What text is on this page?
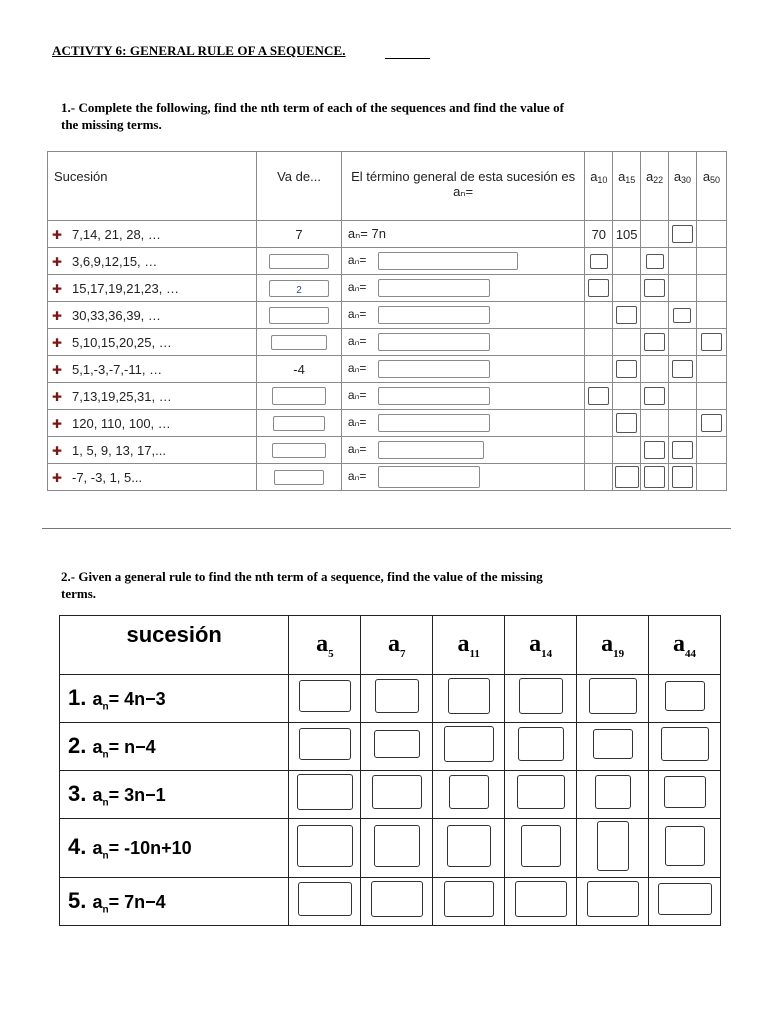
ACTIVTY 6: GENERAL RULE OF A SEQUENCE.
1.- Complete the following, find the nth term of each of the sequences and find the value of the missing terms.
Sucesión	Va de...	El término general de esta sucesión es aₙ=	$a_{10}$	$a_{15}$	$a_{22}$	$a_{30}$	$a_{50}$
✚ 7,14, 21, 28, …	7	aₙ= 7n	70	105			
✚ 3,6,9,12,15, …		aₙ=					
✚ 15,17,19,21,23, …	2	aₙ=					
✚ 30,33,36,39, …		aₙ=					
✚ 5,10,15,20,25, …		aₙ=					
✚ 5,1,-3,-7,-11, …	-4	aₙ=					
✚ 7,13,19,25,31, …		aₙ=					
✚ 120, 110, 100, …		aₙ=					
✚ 1, 5, 9, 13, 17,...		aₙ=					
✚ -7, -3, 1, 5...		aₙ=					
2.- Given a general rule to find the nth term of a sequence, find the value of the missing terms.
sucesión	$a_5$	$a_7$	$a_{11}$	$a_{14}$	$a_{19}$	$a_{44}$
1. $a_n= 4n-3$						
2. $a_n= n-4$						
3. $a_n= 3n-1$						
4. $a_n= -10n+10$						
5. $a_n= 7n-4$						
